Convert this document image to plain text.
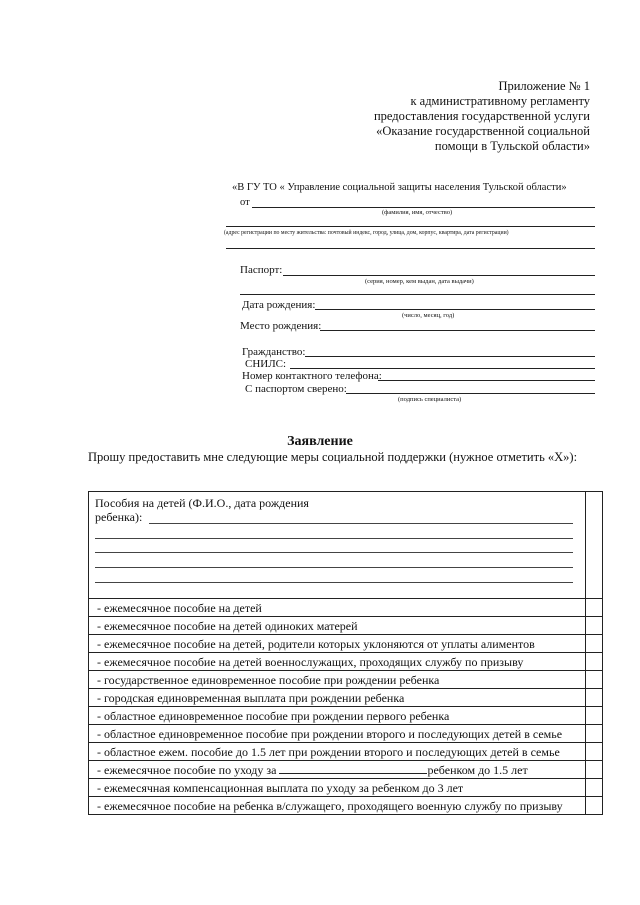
Приложение № 1
к административному регламенту
предоставления государственной услуги
«Оказание государственной социальной
помощи в Тульской области»
«В ГУ ТО « Управление социальной защиты населения Тульской области»
от
(фамилия, имя, отчество)
(адрес регистрации по месту жительства: почтовый индекс, город, улица, дом, корпус, квартира, дата регистрации)
Паспорт:
(серия, номер, кем выдан, дата выдачи)
Дата рождения:
(число, месяц, год)
Место рождения:
Гражданство:
СНИЛС:
Номер контактного телефона:
С паспортом сверено:
(подпись специалиста)
Заявление
Прошу предоставить мне следующие меры социальной поддержки (нужное отметить «Х»):
Пособия на детей (Ф.И.О., дата рождения
ребенка):
- ежемесячное пособие на детей
- ежемесячное пособие на детей одиноких матерей
- ежемесячное пособие на детей, родители которых уклоняются от уплаты алиментов
- ежемесячное пособие на детей военнослужащих, проходящих службу по призыву
- государственное единовременное пособие при рождении ребенка
- городская единовременная выплата при рождении ребенка
- областное единовременное пособие при рождении первого ребенка
- областное единовременное пособие при рождении второго и последующих детей в семье
- областное ежем. пособие до 1.5 лет при рождении второго и последующих детей в семье
- ежемесячное пособие по уходу за	ребенком до 1.5 лет
- ежемесячная компенсационная выплата по уходу за ребенком до 3 лет
- ежемесячное пособие на ребенка в/служащего, проходящего военную службу по призыву
